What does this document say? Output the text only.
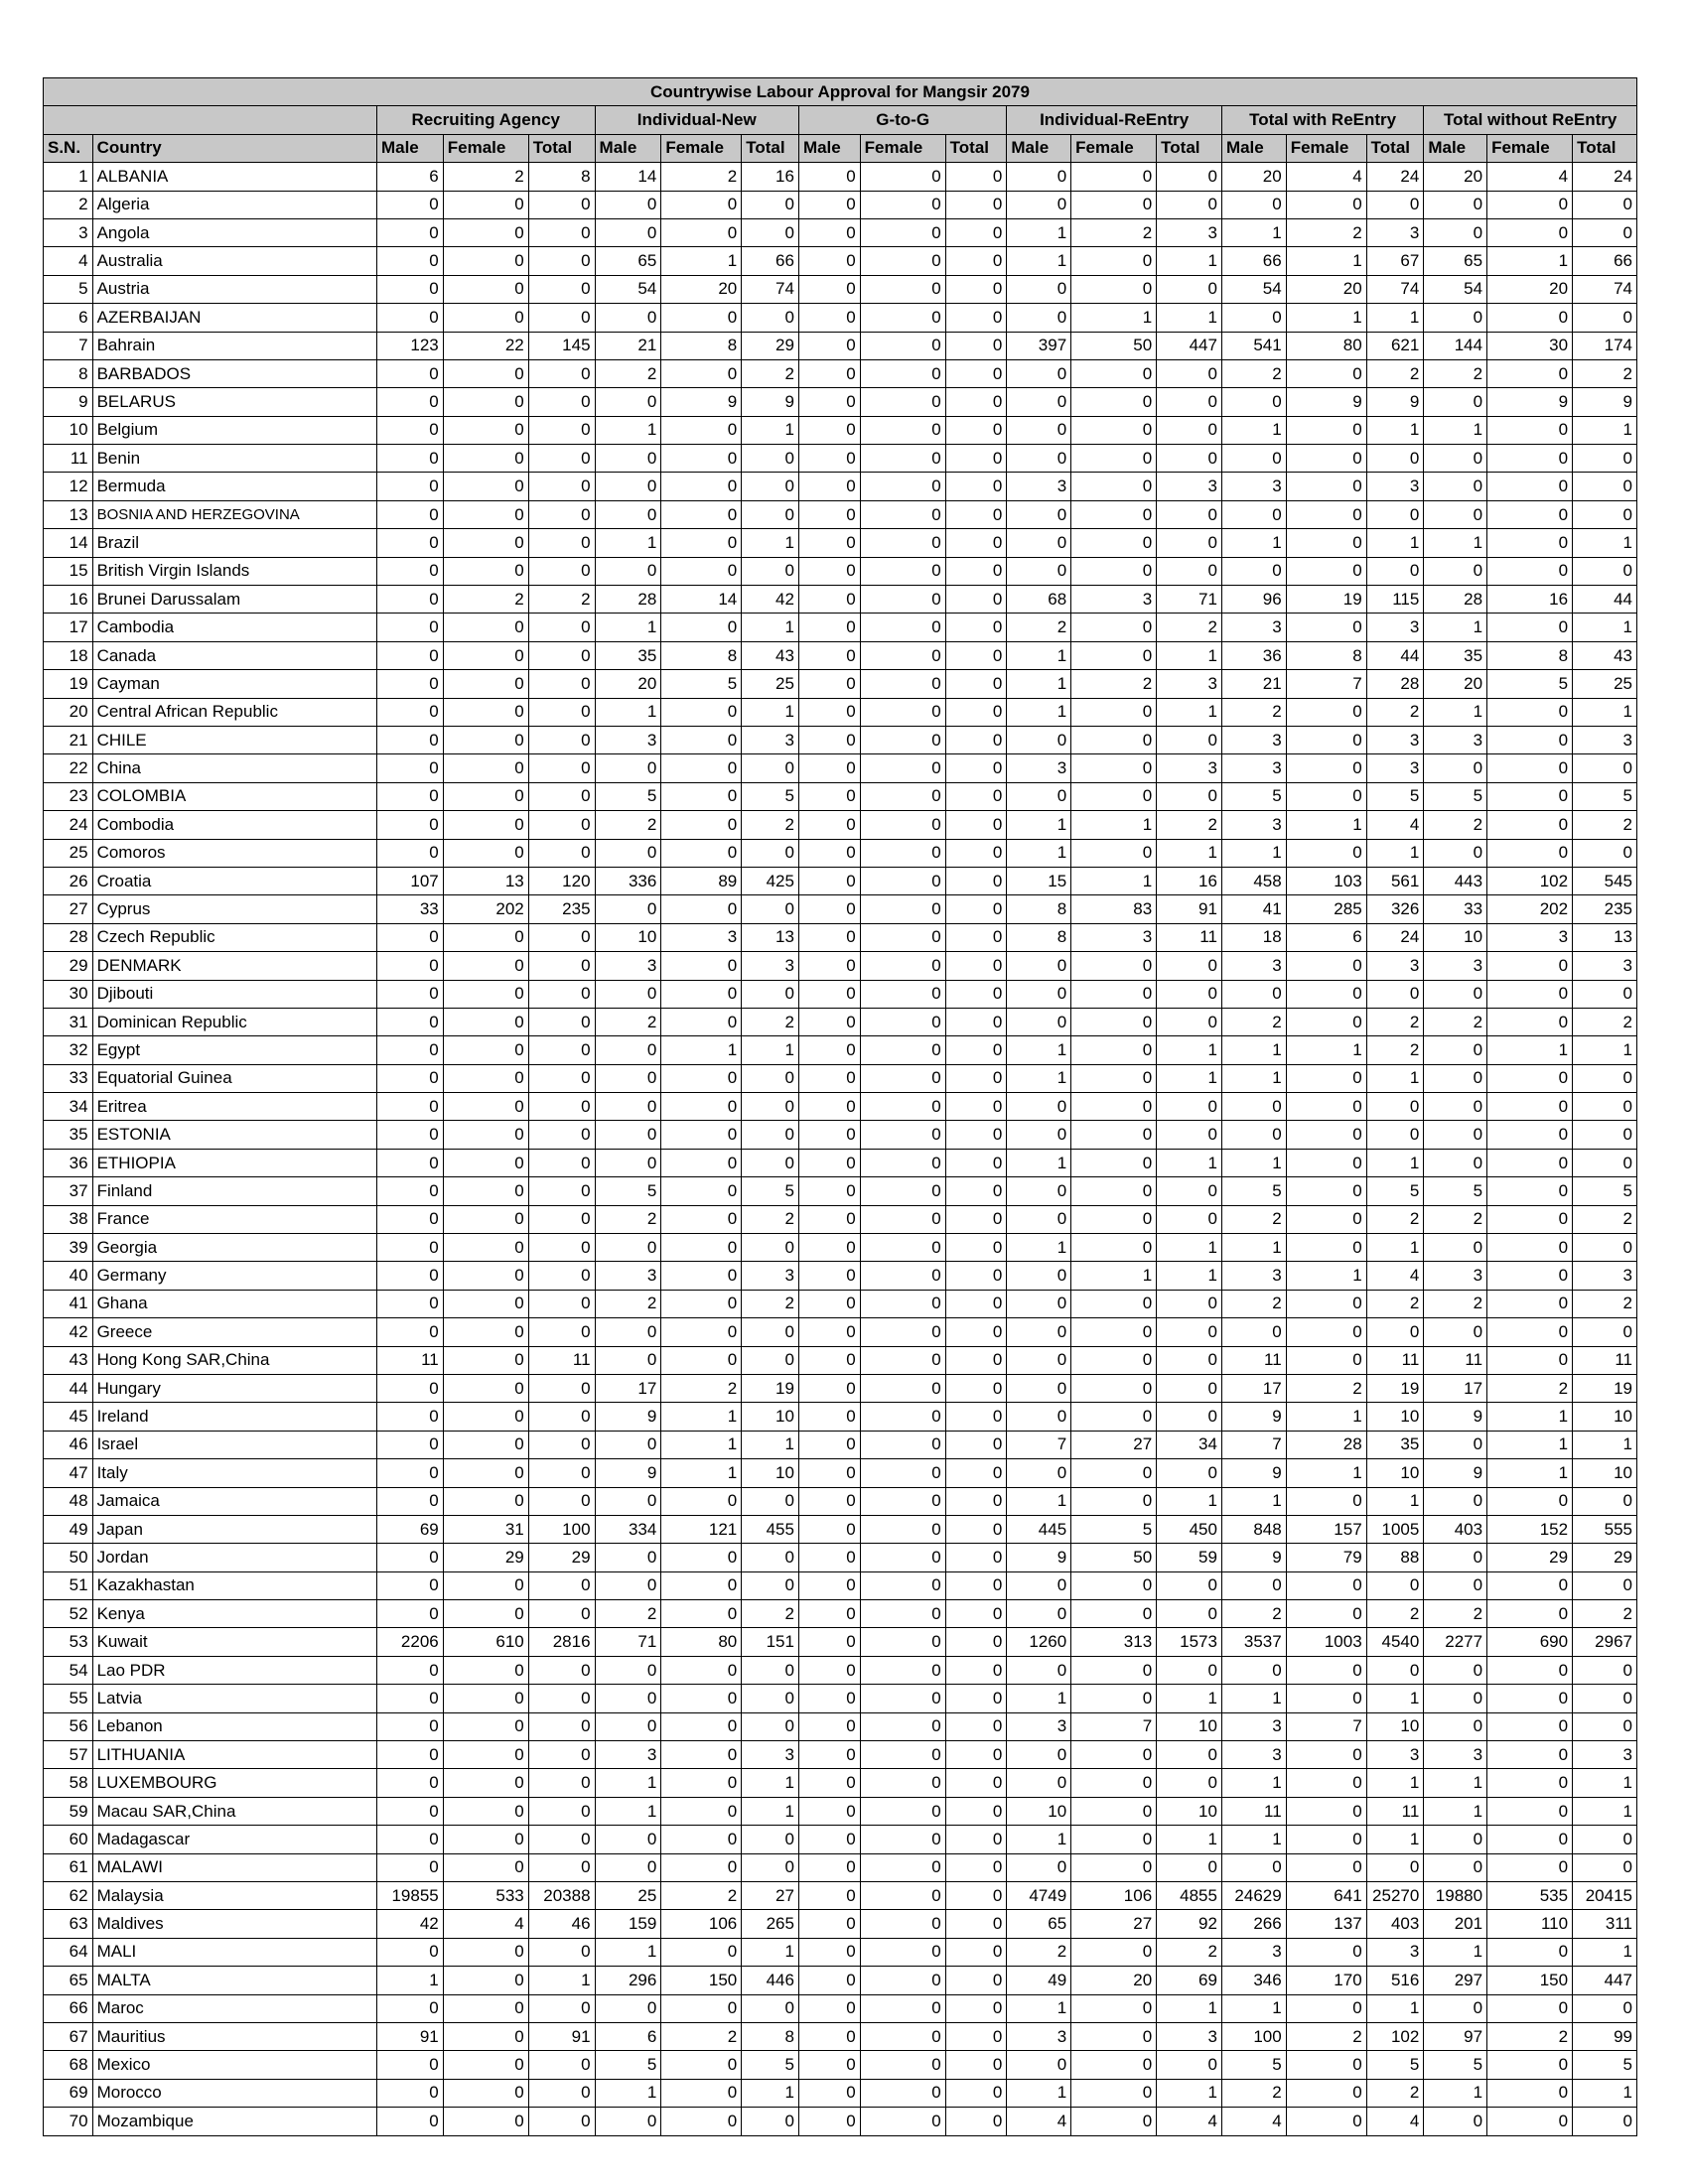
Countrywise Labour Approval for Mangsir 2079																			
		Recruiting Agency			Individual-New			G-to-G			Individual-ReEntry			Total with ReEntry			Total without ReEntry		
S.N.	Country	Male	Female	Total	Male	Female	Total	Male	Female	Total	Male	Female	Total	Male	Female	Total	Male	Female	Total
1	ALBANIA	6	2	8	14	2	16	0	0	0	0	0	0	20	4	24	20	4	24
2	Algeria	0	0	0	0	0	0	0	0	0	0	0	0	0	0	0	0	0	0
3	Angola	0	0	0	0	0	0	0	0	0	1	2	3	1	2	3	0	0	0
4	Australia	0	0	0	65	1	66	0	0	0	1	0	1	66	1	67	65	1	66
5	Austria	0	0	0	54	20	74	0	0	0	0	0	0	54	20	74	54	20	74
6	AZERBAIJAN	0	0	0	0	0	0	0	0	0	0	1	1	0	1	1	0	0	0
7	Bahrain	123	22	145	21	8	29	0	0	0	397	50	447	541	80	621	144	30	174
8	BARBADOS	0	0	0	2	0	2	0	0	0	0	0	0	2	0	2	2	0	2
9	BELARUS	0	0	0	0	9	9	0	0	0	0	0	0	0	9	9	0	9	9
10	Belgium	0	0	0	1	0	1	0	0	0	0	0	0	1	0	1	1	0	1
11	Benin	0	0	0	0	0	0	0	0	0	0	0	0	0	0	0	0	0	0
12	Bermuda	0	0	0	0	0	0	0	0	0	3	0	3	3	0	3	0	0	0
13	BOSNIA AND HERZEGOVINA	0	0	0	0	0	0	0	0	0	0	0	0	0	0	0	0	0	0
14	Brazil	0	0	0	1	0	1	0	0	0	0	0	0	1	0	1	1	0	1
15	British Virgin Islands	0	0	0	0	0	0	0	0	0	0	0	0	0	0	0	0	0	0
16	Brunei Darussalam	0	2	2	28	14	42	0	0	0	68	3	71	96	19	115	28	16	44
17	Cambodia	0	0	0	1	0	1	0	0	0	2	0	2	3	0	3	1	0	1
18	Canada	0	0	0	35	8	43	0	0	0	1	0	1	36	8	44	35	8	43
19	Cayman	0	0	0	20	5	25	0	0	0	1	2	3	21	7	28	20	5	25
20	Central African Republic	0	0	0	1	0	1	0	0	0	1	0	1	2	0	2	1	0	1
21	CHILE	0	0	0	3	0	3	0	0	0	0	0	0	3	0	3	3	0	3
22	China	0	0	0	0	0	0	0	0	0	3	0	3	3	0	3	0	0	0
23	COLOMBIA	0	0	0	5	0	5	0	0	0	0	0	0	5	0	5	5	0	5
24	Combodia	0	0	0	2	0	2	0	0	0	1	1	2	3	1	4	2	0	2
25	Comoros	0	0	0	0	0	0	0	0	0	1	0	1	1	0	1	0	0	0
26	Croatia	107	13	120	336	89	425	0	0	0	15	1	16	458	103	561	443	102	545
27	Cyprus	33	202	235	0	0	0	0	0	0	8	83	91	41	285	326	33	202	235
28	Czech Republic	0	0	0	10	3	13	0	0	0	8	3	11	18	6	24	10	3	13
29	DENMARK	0	0	0	3	0	3	0	0	0	0	0	0	3	0	3	3	0	3
30	Djibouti	0	0	0	0	0	0	0	0	0	0	0	0	0	0	0	0	0	0
31	Dominican Republic	0	0	0	2	0	2	0	0	0	0	0	0	2	0	2	2	0	2
32	Egypt	0	0	0	0	1	1	0	0	0	1	0	1	1	1	2	0	1	1
33	Equatorial Guinea	0	0	0	0	0	0	0	0	0	1	0	1	1	0	1	0	0	0
34	Eritrea	0	0	0	0	0	0	0	0	0	0	0	0	0	0	0	0	0	0
35	ESTONIA	0	0	0	0	0	0	0	0	0	0	0	0	0	0	0	0	0	0
36	ETHIOPIA	0	0	0	0	0	0	0	0	0	1	0	1	1	0	1	0	0	0
37	Finland	0	0	0	5	0	5	0	0	0	0	0	0	5	0	5	5	0	5
38	France	0	0	0	2	0	2	0	0	0	0	0	0	2	0	2	2	0	2
39	Georgia	0	0	0	0	0	0	0	0	0	1	0	1	1	0	1	0	0	0
40	Germany	0	0	0	3	0	3	0	0	0	0	1	1	3	1	4	3	0	3
41	Ghana	0	0	0	2	0	2	0	0	0	0	0	0	2	0	2	2	0	2
42	Greece	0	0	0	0	0	0	0	0	0	0	0	0	0	0	0	0	0	0
43	Hong Kong SAR,China	11	0	11	0	0	0	0	0	0	0	0	0	11	0	11	11	0	11
44	Hungary	0	0	0	17	2	19	0	0	0	0	0	0	17	2	19	17	2	19
45	Ireland	0	0	0	9	1	10	0	0	0	0	0	0	9	1	10	9	1	10
46	Israel	0	0	0	0	1	1	0	0	0	7	27	34	7	28	35	0	1	1
47	Italy	0	0	0	9	1	10	0	0	0	0	0	0	9	1	10	9	1	10
48	Jamaica	0	0	0	0	0	0	0	0	0	1	0	1	1	0	1	0	0	0
49	Japan	69	31	100	334	121	455	0	0	0	445	5	450	848	157	1005	403	152	555
50	Jordan	0	29	29	0	0	0	0	0	0	9	50	59	9	79	88	0	29	29
51	Kazakhastan	0	0	0	0	0	0	0	0	0	0	0	0	0	0	0	0	0	0
52	Kenya	0	0	0	2	0	2	0	0	0	0	0	0	2	0	2	2	0	2
53	Kuwait	2206	610	2816	71	80	151	0	0	0	1260	313	1573	3537	1003	4540	2277	690	2967
54	Lao PDR	0	0	0	0	0	0	0	0	0	0	0	0	0	0	0	0	0	0
55	Latvia	0	0	0	0	0	0	0	0	0	1	0	1	1	0	1	0	0	0
56	Lebanon	0	0	0	0	0	0	0	0	0	3	7	10	3	7	10	0	0	0
57	LITHUANIA	0	0	0	3	0	3	0	0	0	0	0	0	3	0	3	3	0	3
58	LUXEMBOURG	0	0	0	1	0	1	0	0	0	0	0	0	1	0	1	1	0	1
59	Macau SAR,China	0	0	0	1	0	1	0	0	0	10	0	10	11	0	11	1	0	1
60	Madagascar	0	0	0	0	0	0	0	0	0	1	0	1	1	0	1	0	0	0
61	MALAWI	0	0	0	0	0	0	0	0	0	0	0	0	0	0	0	0	0	0
62	Malaysia	19855	533	20388	25	2	27	0	0	0	4749	106	4855	24629	641	25270	19880	535	20415
63	Maldives	42	4	46	159	106	265	0	0	0	65	27	92	266	137	403	201	110	311
64	MALI	0	0	0	1	0	1	0	0	0	2	0	2	3	0	3	1	0	1
65	MALTA	1	0	1	296	150	446	0	0	0	49	20	69	346	170	516	297	150	447
66	Maroc	0	0	0	0	0	0	0	0	0	1	0	1	1	0	1	0	0	0
67	Mauritius	91	0	91	6	2	8	0	0	0	3	0	3	100	2	102	97	2	99
68	Mexico	0	0	0	5	0	5	0	0	0	0	0	0	5	0	5	5	0	5
69	Morocco	0	0	0	1	0	1	0	0	0	1	0	1	2	0	2	1	0	1
70	Mozambique	0	0	0	0	0	0	0	0	0	4	0	4	4	0	4	0	0	0
